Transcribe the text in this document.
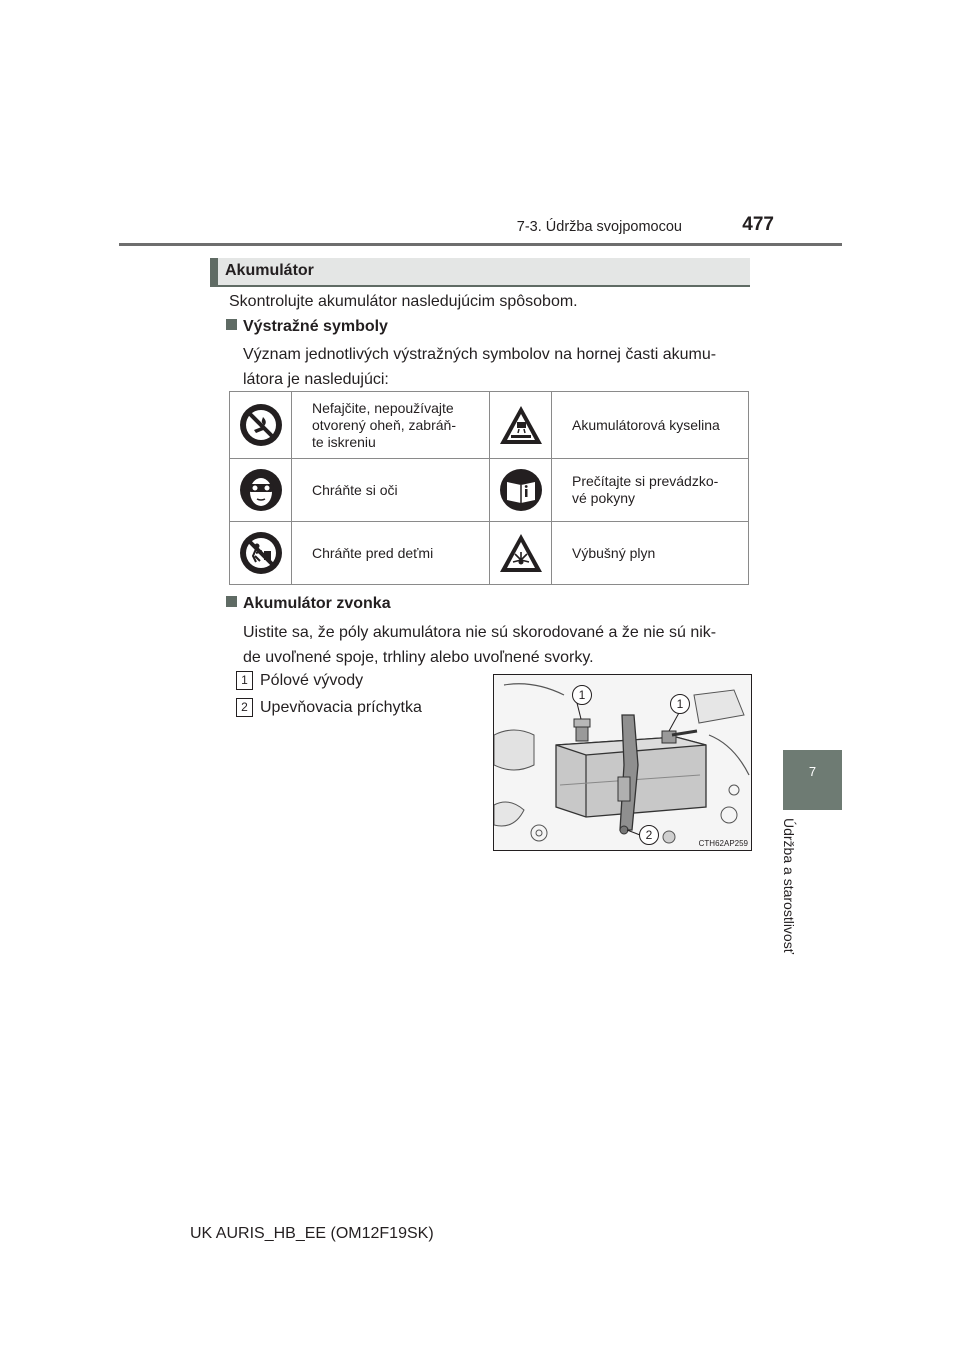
7-3. Údržba svojpomocou	477
7
Údržba a starostlivosť
Akumulátor
Skontrolujte akumulátor nasledujúcim spôsobom.
Výstražné symboly
Význam jednotlivých výstražných symbolov na hornej časti akumu-
látora je nasledujúci:
	Nefajčite, nepoužívajte
otvorený oheň, zabráň-
te iskreniu		Akumulátorová kyselina

	Chráňte si oči		Prečítajte si prevádzko-
vé pokyny

	Chráňte pred deťmi		Výbušný plyn
Akumulátor zvonka
Uistite sa, že póly akumulátora nie sú skorodované a že nie sú nik-
de uvoľnené spoje, trhliny alebo uvoľnené svorky.
1 Pólové vývody
2 Upevňovacia príchytka
1
1
2
CTH62AP259
UK AURIS_HB_EE (OM12F19SK)
